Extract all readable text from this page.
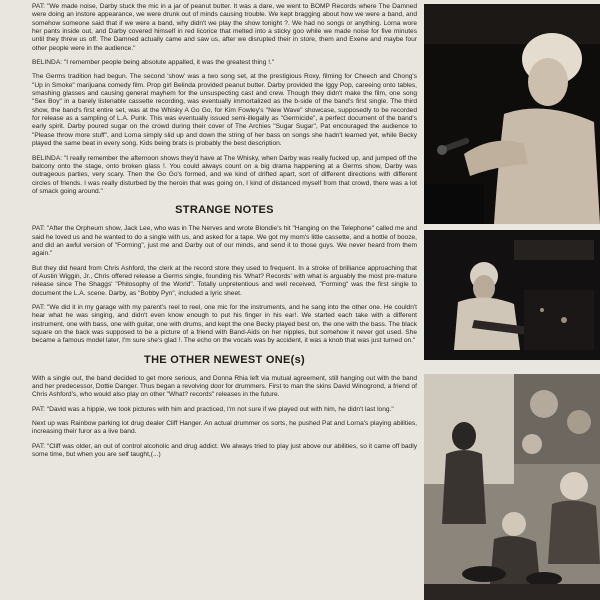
PAT: "We made noise, Darby stuck the mic in a jar of peanut butter. It was a dare, we went to BOMP Records where The Damned were doing an instore appearance, we were drunk out of minds causing trouble. We kept bragging about how we were a band, and somehow someone said that if we were a band, why didn't we play the show tonight ?. We had no songs or anything. Lorna wore her pants inside out, and Darby covered himself in red licorice that melted into a sticky goo while we made noise for five minutes until they threw us off. The Damned actually came and saw us, after we disrupted their in store, them and Exene and maybe four other people were in the audience."

BELINDA: "I remember people being absolute appalled, it was the greatest thing !."

The Germs tradition had begun. The second 'show' was a two song set, at the prestigious Roxy, filming for Cheech and Chong's "Up in Smoke" marijuana comedy film. Prop girl Belinda provided peanut butter. Darby provided the Iggy Pop, careeing onto tables, smashing glasses and causing general mayhem for the unsuspecting cast and crew. Though they didn't make the film, one song "Sex Boy" in a barely listenable cassette recording, was eventually immortalized as the b-side of the band's first single. The third show, the band's first entire set, was at the Whisky A Go Go, for Kim Fowley's "New Wave" showcase, supposedly to be recorded for release as a sampling of L.A. Punk. This was eventually issued semi-illegally as "Germicide", a perfect document of the band's early spirit. Darby poured sugar on the crowd during their cover of The Archies "Sugar Sugar", Pat encouraged the audience to "Please throw more stuff", and Lorna simply slid up and down the string of her bass on songs she hadn't learned yet, while Becky played the same beat in every song. Kids being brats is probably the best description.

BELINDA: "I really remember the afternoon shows they'd have at The Whisky, when Darby was really fucked up, and jumped off the balcony onto the stage, onto broken glass !. You could always count on a big drama happening at a Germs show, Darby was outrageous parties, very scary. Then the Go Go's formed, and we kind of drifted apart, sort of different directions with different circles of friends. I was really disturbed by the heroin that was going on, I kind of distanced myself from that crowd, there was a lot of smack going around."

STRANGE NOTES

PAT: "After the Orpheum show, Jack Lee, who was in The Nerves and wrote Blondie's hit "Hanging on the Telephone" called me and said he loved us and he wanted to do a single with us, and asked for a tape. We got my mom's little cassette, and a bottle of booze, and did an awful version of "Forming", just me and Darby out of our minds, and send it to those guys. We never heard from them again."

But they did heard from Chris Ashford, the clerk at the record store they used to frequent. In a stroke of brilliance approaching that of Austin Wiggin, Jr., Chris offered release a Germs single, founding his 'What? Records' with what is arguably the most pre-mature release since The Shaggs' "Philosophy of the World". Totally unpretentious and well received, "Forming" was the first single to document the L.A. scene. Darby, as "Bobby Pyn", included a lyric sheet.

PAT: "We did it in my garage with my parent's reel to reel, one mic for the instruments, and he sang into the other one. He couldn't hear what he was singing, and didn't even know enough to put his finger in his ear!. We started each take with a different instrument, one with bass, one with guitar, one with drums, and kept the one Becky played best on, the one with the bass. The black square on the back was supposed to be a picture of a friend with Band-Aids on her nipples, but somehow it never got used. She became a famous model later, I'm sure she's glad !. The echo on the vocals was by accident, it was a knob that was just turned on."

THE OTHER NEWEST ONE(s)

With a single out, the band decided to get more serious, and Donna Rhia left via mutual agreement, still hanging out with the band and her predecessor, Dottie Danger. Thus began a revolving door for drummers. First to man the skins David Winogrond, a friend of Chris Ashford's, who would also play on other "What? records" releases in the future.

PAT: "David was a hippie, we took pictures with him and practiced, I'm not sure if we played out with him, he didn't last long."

Next up was Rainbow parking lot drug dealer Cliff Hanger. An actual drummer os sorts, he pushed Pat and Lorna's playing abilities, increasing their furor as a live band.

PAT: "Cliff was older, an out of control alcoholic and drug addict. We always tried to play just above our abilities, so it came off badly some time, but when you are self taught,(...)
